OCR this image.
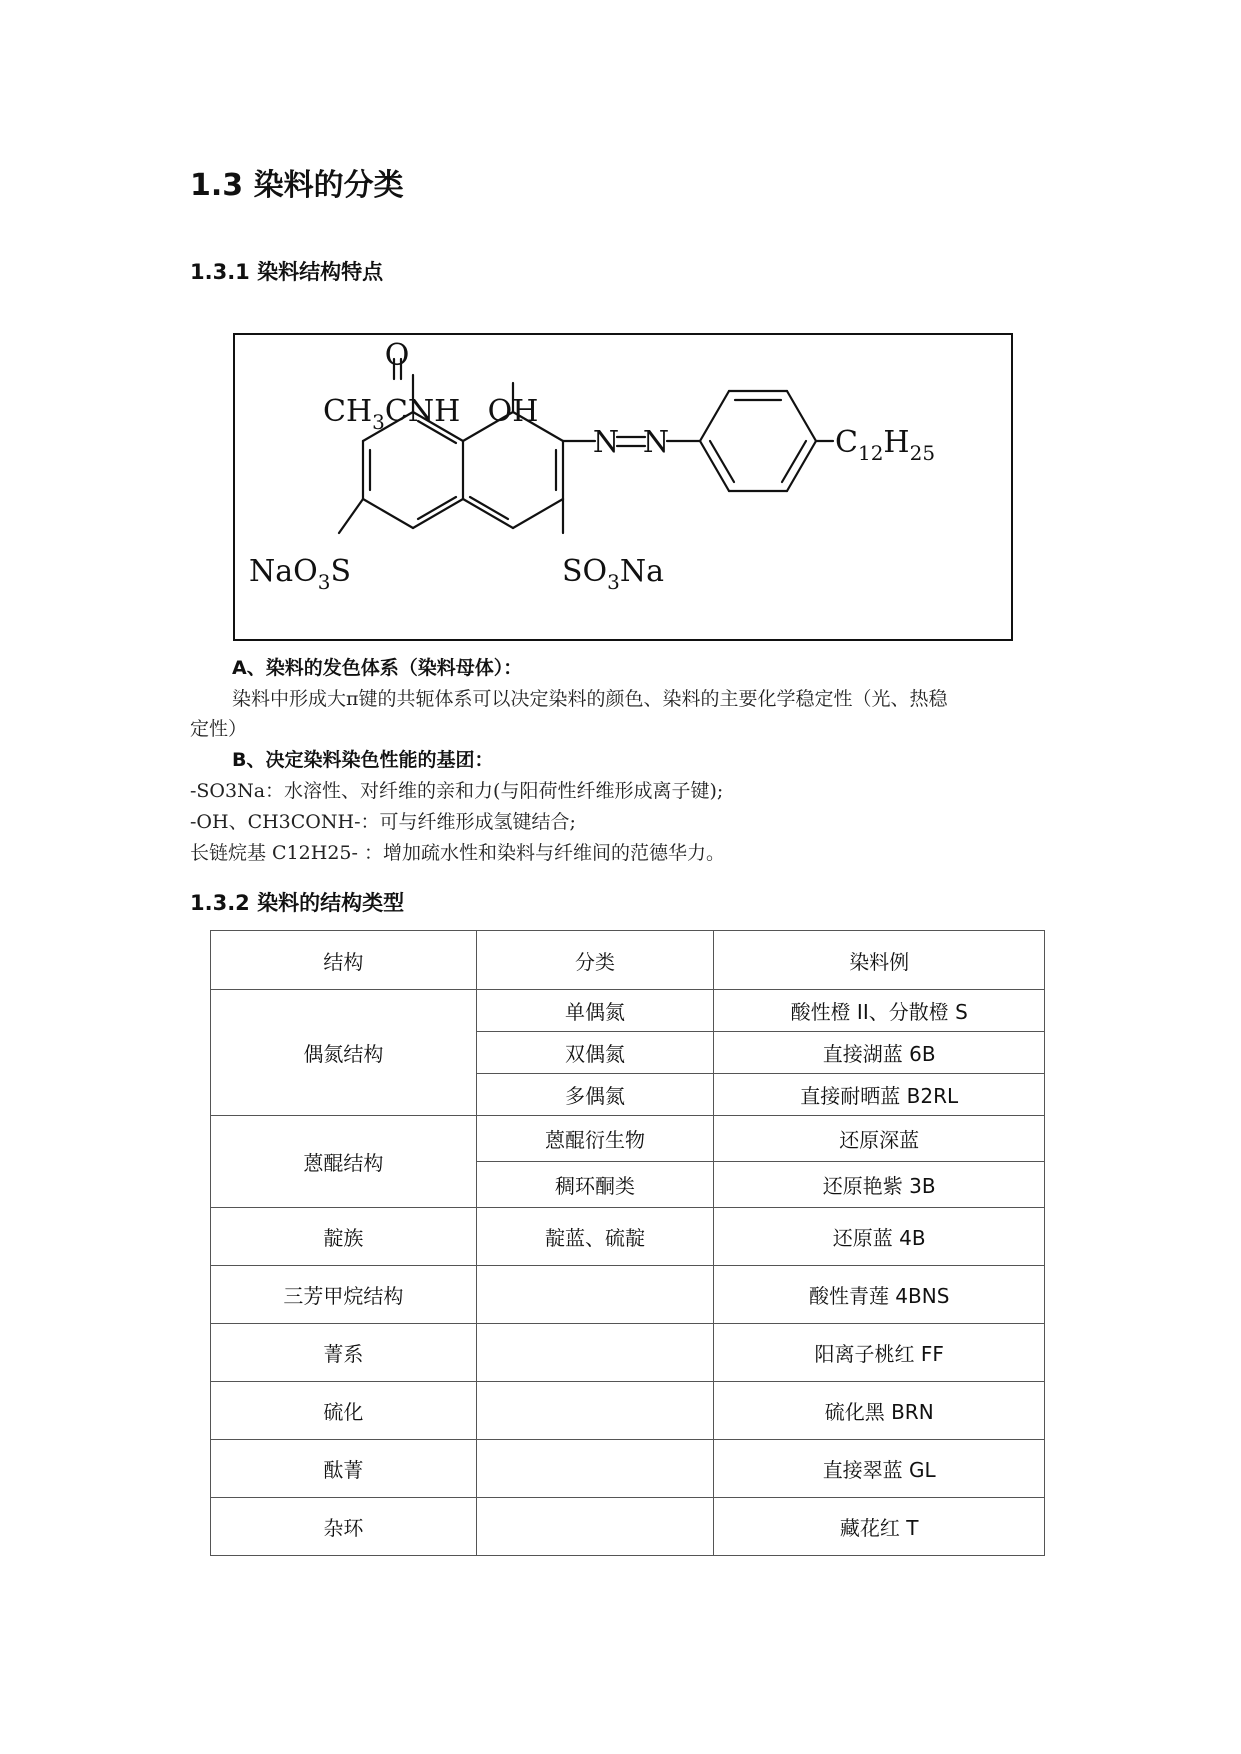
1.3 染料的分类
1.3.1 染料结构特点
O
$CH_3CNH$ OH
N N	$C_{12}H_{25}$
NaO$_3$S	$SO_3Na$
A、染料的发色体系（染料母体）：
染料中形成大π键的共轭体系可以决定染料的颜色、染料的主要化学稳定性（光、热稳
定性）
B、决定染料染色性能的基团：
-SO3Na：水溶性、对纤维的亲和力(与阳荷性纤维形成离子键);
-OH、CH3CONH-：可与纤维形成氢键结合;
长链烷基 C12H25- ：增加疏水性和染料与纤维间的范德华力。
1.3.2 染料的结构类型
结构	分类	染料例
偶氮结构	单偶氮	酸性橙 II、分散橙 S
	双偶氮	直接湖蓝 6B
	多偶氮	直接耐晒蓝 B2RL
蒽醌结构	蒽醌衍生物	还原深蓝
	稠环酮类	还原艳紫 3B
靛族	靛蓝、硫靛	还原蓝 4B
三芳甲烷结构		酸性青莲 4BNS
菁系		阳离子桃红 FF
硫化		硫化黑 BRN
酞菁		直接翠蓝 GL
杂环		藏花红 T
